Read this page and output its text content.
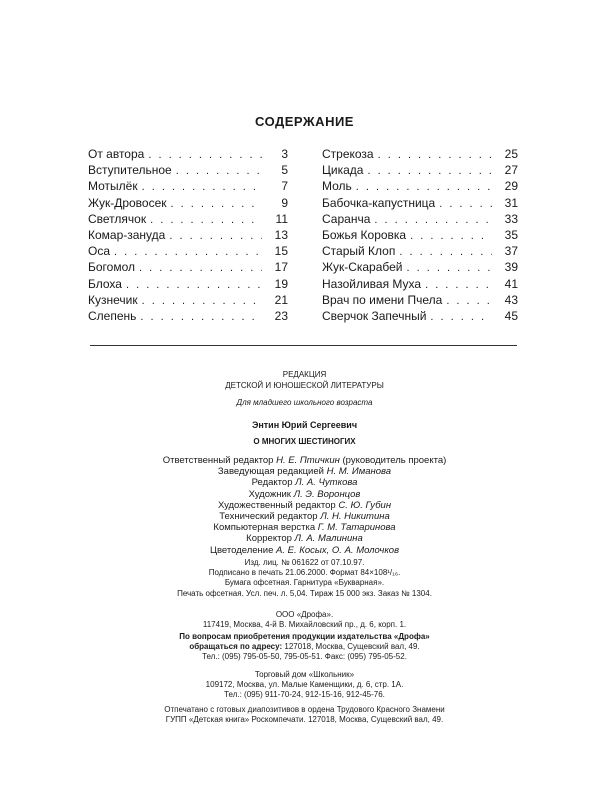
СОДЕРЖАНИЕ
От автора . . .	3
Вступительное . . .	5
Мотылёк . . .	7
Жук-Дровосек . . .	9
Светлячок . . .	11
Комар-зануда . . .	13
Оса . . .	15
Богомол . . .	17
Блоха . . .	19
Кузнечик . . .	21
Слепень . . .	23
Стрекоза . . .	25
Цикада . . .	27
Моль . . .	29
Бабочка-капустница . . .	31
Саранча . . .	33
Божья Коровка . . .	35
Старый Клоп . . .	37
Жук-Скарабей . . .	39
Назойливая Муха . . .	41
Врач по имени Пчела . . .	43
Сверчок Запечный . . .	45
РЕДАКЦИЯ
ДЕТСКОЙ И ЮНОШЕСКОЙ ЛИТЕРАТУРЫ
Для младшего школьного возраста
Энтин Юрий Сергеевич
О МНОГИХ ШЕСТИНОГИХ
Ответственный редактор Н. Е. Птичкин (руководитель проекта)
Заведующая редакцией Н. М. Иманова
Редактор Л. А. Чуткова
Художник Л. Э. Воронцов
Художественный редактор С. Ю. Губин
Технический редактор Л. Н. Никитина
Компьютерная верстка Г. М. Татаринова
Корректор Л. А. Малинина
Цветоделение А. Е. Косых, О. А. Молочков
Изд. лиц. № 061622 от 07.10.97.
Подписано в печать 21.06.2000. Формат 84×108¹/₁₆.
Бумага офсетная. Гарнитура «Букварная».
Печать офсетная. Усл. печ. л. 5,04. Тираж 15 000 экз. Заказ № 1304.
ООО «Дрофа».
117419, Москва, 4-й В. Михайловский пр., д. 6, корп. 1.
По вопросам приобретения продукции издательства «Дрофа»
обращаться по адресу: 127018, Москва, Сущевский вал, 49.
Тел.: (095) 795-05-50, 795-05-51. Факс: (095) 795-05-52.
Торговый дом «Школьник»
109172, Москва, ул. Малые Каменщики, д. 6, стр. 1А.
Тел.: (095) 911-70-24, 912-15-16, 912-45-76.
Отпечатано с готовых диапозитивов в ордена Трудового Красного Знамени
ГУПП «Детская книга» Роскомпечати. 127018, Москва, Сущевский вал, 49.
